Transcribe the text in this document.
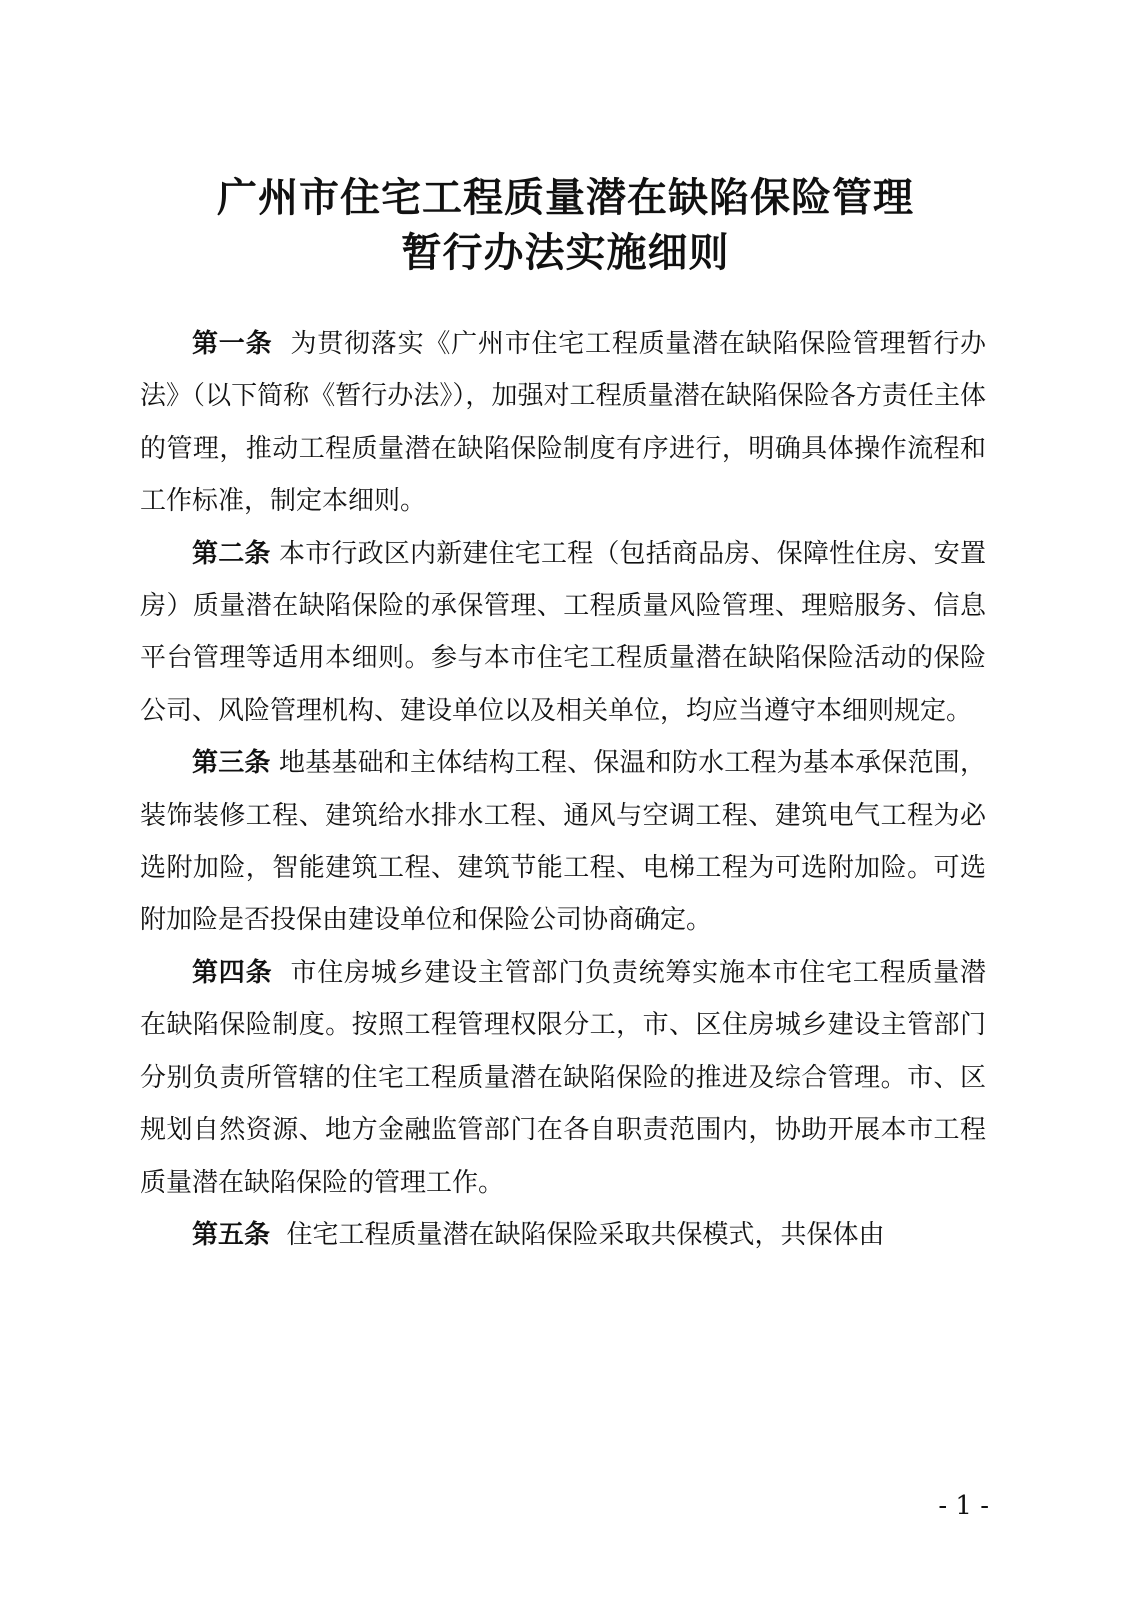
广州市住宅工程质量潜在缺陷保险管理
暂行办法实施细则

第一条 为贯彻落实《广州市住宅工程质量潜在缺陷保险管理暂行办法》（以下简称《暂行办法》），加强对工程质量潜在缺陷保险各方责任主体的管理，推动工程质量潜在缺陷保险制度有序进行，明确具体操作流程和工作标准，制定本细则。

第二条 本市行政区内新建住宅工程（包括商品房、保障性住房、安置房）质量潜在缺陷保险的承保管理、工程质量风险管理、理赔服务、信息平台管理等适用本细则。参与本市住宅工程质量潜在缺陷保险活动的保险公司、风险管理机构、建设单位以及相关单位，均应当遵守本细则规定。

第三条 地基基础和主体结构工程、保温和防水工程为基本承保范围，装饰装修工程、建筑给水排水工程、通风与空调工程、建筑电气工程为必选附加险，智能建筑工程、建筑节能工程、电梯工程为可选附加险。可选附加险是否投保由建设单位和保险公司协商确定。

第四条 市住房城乡建设主管部门负责统筹实施本市住宅工程质量潜在缺陷保险制度。按照工程管理权限分工，市、区住房城乡建设主管部门分别负责所管辖的住宅工程质量潜在缺陷保险的推进及综合管理。市、区规划自然资源、地方金融监管部门在各自职责范围内，协助开展本市工程质量潜在缺陷保险的管理工作。

第五条 住宅工程质量潜在缺陷保险采取共保模式，共保体由

- 1 -
